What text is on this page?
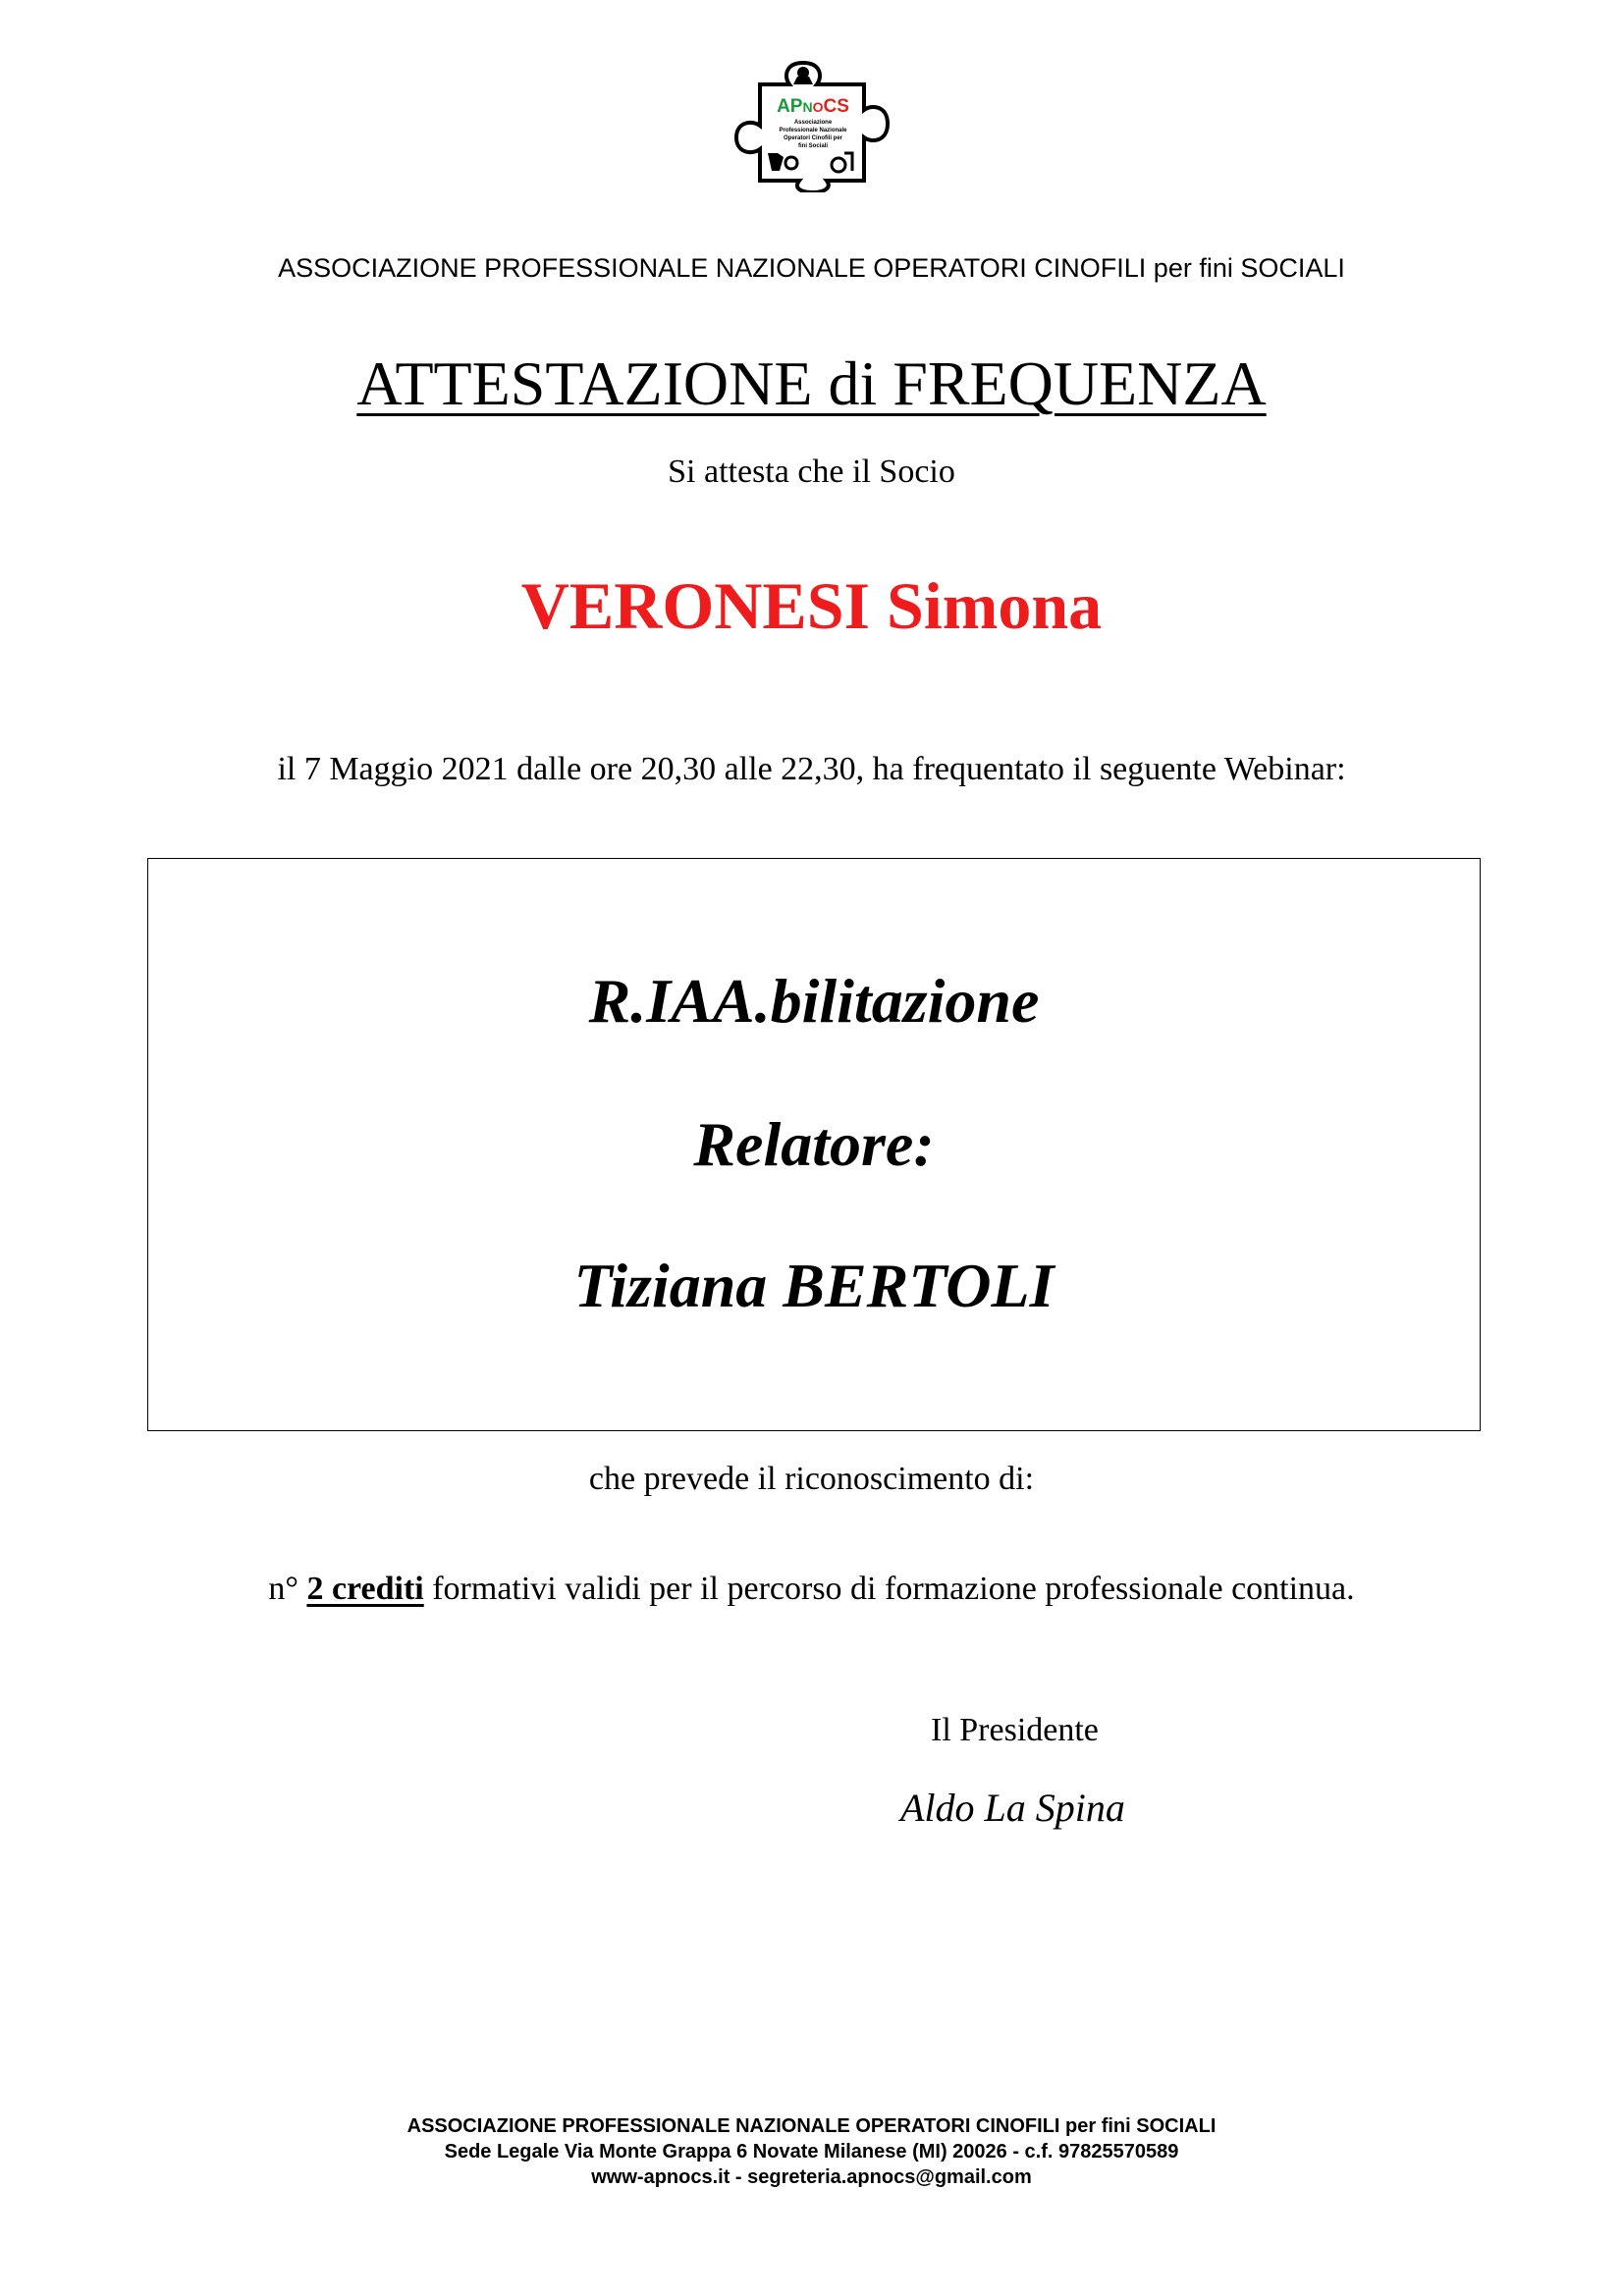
APNOCS
Associazione
Professionale Nazionale
Operatori Cinofili per
fini Sociali
ASSOCIAZIONE PROFESSIONALE NAZIONALE OPERATORI CINOFILI per fini SOCIALI
ATTESTAZIONE di FREQUENZA
Si attesta che il Socio
VERONESI Simona
il 7 Maggio 2021 dalle ore 20,30 alle 22,30, ha frequentato il seguente Webinar:
R.IAA.bilitazione
Relatore:
Tiziana BERTOLI
che prevede il riconoscimento di:
n° 2 crediti formativi validi per il percorso di formazione professionale continua.
Il Presidente
Aldo La Spina
ASSOCIAZIONE PROFESSIONALE NAZIONALE OPERATORI CINOFILI per fini SOCIALI
Sede Legale Via Monte Grappa 6 Novate Milanese (MI) 20026 - c.f. 97825570589
www-apnocs.it - segreteria.apnocs@gmail.com
